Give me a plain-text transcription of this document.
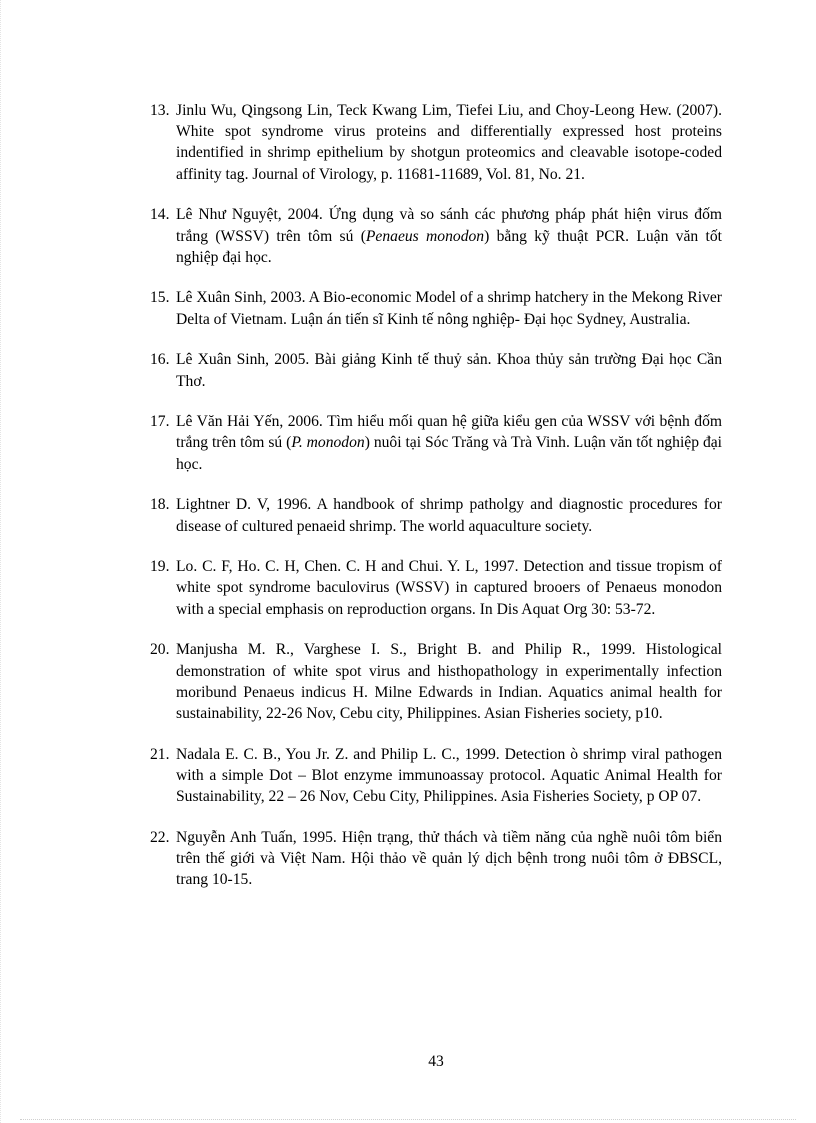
13. Jinlu Wu, Qingsong Lin, Teck Kwang Lim, Tiefei Liu, and Choy-Leong Hew. (2007). White spot syndrome virus proteins and differentially expressed host proteins indentified in shrimp epithelium by shotgun proteomics and cleavable isotope-coded affinity tag. Journal of Virology, p. 11681-11689, Vol. 81, No. 21.
14. Lê Như Nguyệt, 2004. Ứng dụng và so sánh các phương pháp phát hiện virus đốm trắng (WSSV) trên tôm sú (Penaeus monodon) bằng kỹ thuật PCR. Luận văn tốt nghiệp đại học.
15. Lê Xuân Sinh, 2003. A Bio-economic Model of a shrimp hatchery in the Mekong River Delta of Vietnam. Luận án tiến sĩ Kinh tế nông nghiệp- Đại học Sydney, Australia.
16. Lê Xuân Sinh, 2005. Bài giảng Kinh tế thuỷ sản. Khoa thủy sản trường Đại học Cần Thơ.
17. Lê Văn Hải Yến, 2006. Tìm hiểu mối quan hệ giữa kiểu gen của WSSV với bệnh đốm trắng trên tôm sú (P. monodon) nuôi tại Sóc Trăng và Trà Vinh. Luận văn tốt nghiệp đại học.
18. Lightner D. V, 1996. A handbook of shrimp patholgy and diagnostic procedures for disease of cultured penaeid shrimp. The world aquaculture society.
19. Lo. C. F, Ho. C. H, Chen. C. H and Chui. Y. L, 1997. Detection and tissue tropism of white spot syndrome baculovirus (WSSV) in captured brooers of Penaeus monodon with a special emphasis on reproduction organs. In Dis Aquat Org 30: 53-72.
20. Manjusha M. R., Varghese I. S., Bright B. and Philip R., 1999. Histological demonstration of white spot virus and histhopathology in experimentally infection moribund Penaeus indicus H. Milne Edwards in Indian. Aquatics animal health for sustainability, 22-26 Nov, Cebu city, Philippines. Asian Fisheries society, p10.
21. Nadala E. C. B., You Jr. Z. and Philip L. C., 1999. Detection ò shrimp viral pathogen with a simple Dot – Blot enzyme immunoassay protocol. Aquatic Animal Health for Sustainability, 22 – 26 Nov, Cebu City, Philippines. Asia Fisheries Society, p OP 07.
22. Nguyễn Anh Tuấn, 1995. Hiện trạng, thử thách và tiềm năng của nghề nuôi tôm biển trên thế giới và Việt Nam. Hội thảo về quản lý dịch bệnh trong nuôi tôm ở ĐBSCL, trang 10-15.
43
